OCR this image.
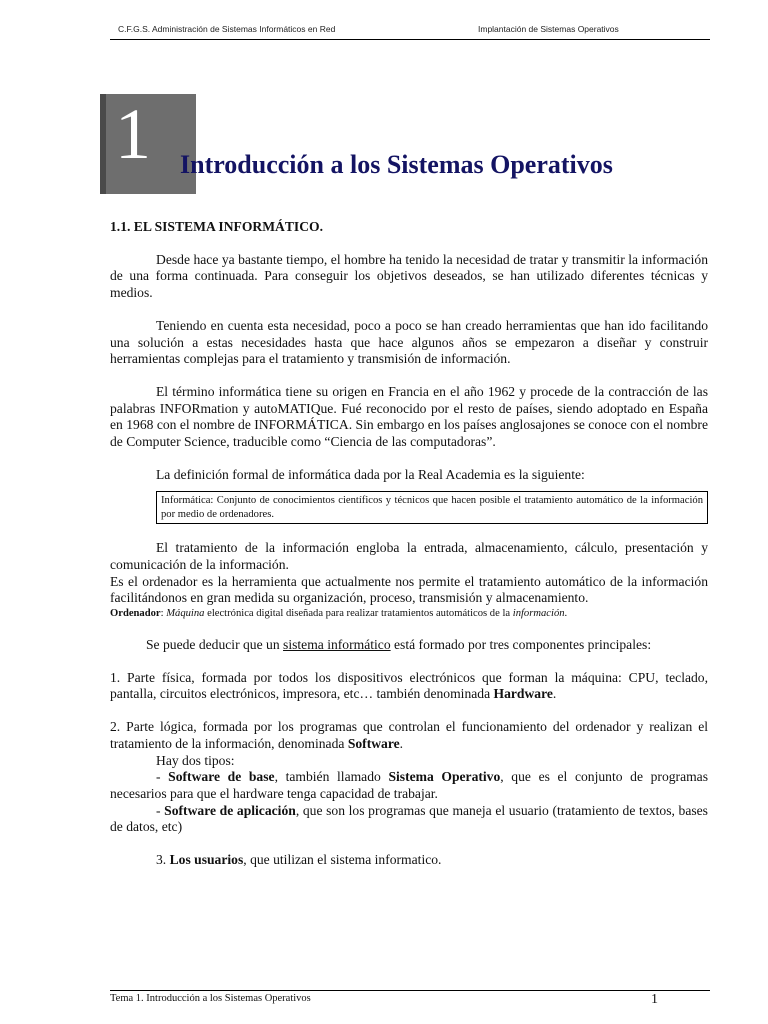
C.F.G.S. Administración de Sistemas Informáticos en Red	Implantación de Sistemas Operativos
1	Introducción a los Sistemas Operativos

1.1. EL SISTEMA INFORMÁTICO.

Desde hace ya bastante tiempo, el hombre ha tenido la necesidad de tratar y transmitir la información de una forma continuada. Para conseguir los objetivos deseados, se han utilizado diferentes técnicas y medios.

Teniendo en cuenta esta necesidad, poco a poco se han creado herramientas que han ido facilitando una solución a estas necesidades hasta que hace algunos años se empezaron a diseñar y construir herramientas complejas para el tratamiento y transmisión de información.

El término informática tiene su origen en Francia en el año 1962 y procede de la contracción de las palabras INFORmation y autoMATIQue. Fué reconocido por el resto de países, siendo adoptado en España en 1968 con el nombre de INFORMÁTICA. Sin embargo en los países anglosajones se conoce con el nombre de Computer Science, traducible como “Ciencia de las computadoras”.

La definición formal de informática dada por la Real Academia es la siguiente:

Informática: Conjunto de conocimientos científicos y técnicos que hacen posible el tratamiento automático de la información por medio de ordenadores.

El tratamiento de la información engloba la entrada, almacenamiento, cálculo, presentación y comunicación de la información.

Es el ordenador es la herramienta que actualmente nos permite el tratamiento automático de la información facilitándonos en gran medida su organización, proceso, transmisión y almacenamiento.

Ordenador: Máquina electrónica digital diseñada para realizar tratamientos automáticos de la información.

Se puede deducir que un sistema informático está formado por tres componentes principales:

1. Parte física, formada por todos los dispositivos electrónicos que forman la máquina: CPU, teclado, pantalla, circuitos electrónicos, impresora, etc… también denominada Hardware.

2. Parte lógica, formada por los programas que controlan el funcionamiento del ordenador y realizan el tratamiento de la información, denominada Software.

Hay dos tipos:

- Software de base, también llamado Sistema Operativo, que es el conjunto de programas necesarios para que el hardware tenga capacidad de trabajar.

- Software de aplicación, que son los programas que maneja el usuario (tratamiento de textos, bases de datos, etc)

3. Los usuarios, que utilizan el sistema informatico.

Tema 1. Introducción a los Sistemas Operativos	1
